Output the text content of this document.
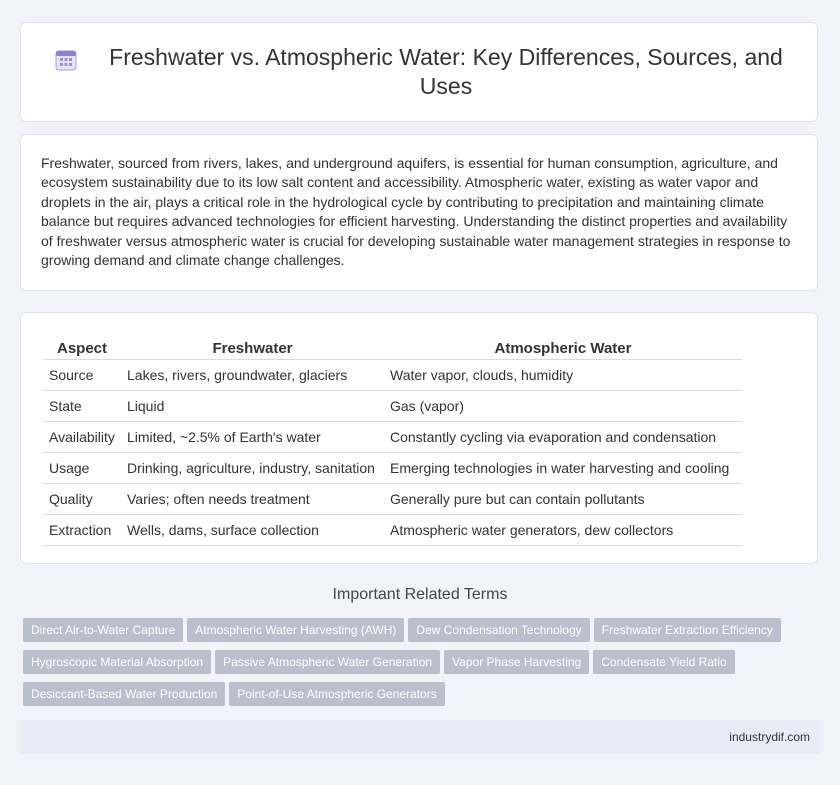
Freshwater vs. Atmospheric Water: Key Differences, Sources, and Uses

Freshwater, sourced from rivers, lakes, and underground aquifers, is essential for human consumption, agriculture, and ecosystem sustainability due to its low salt content and accessibility. Atmospheric water, existing as water vapor and droplets in the air, plays a critical role in the hydrological cycle by contributing to precipitation and maintaining climate balance but requires advanced technologies for efficient harvesting. Understanding the distinct properties and availability of freshwater versus atmospheric water is crucial for developing sustainable water management strategies in response to growing demand and climate change challenges.

Aspect	Freshwater	Atmospheric Water
Source	Lakes, rivers, groundwater, glaciers	Water vapor, clouds, humidity
State	Liquid	Gas (vapor)
Availability	Limited, ~2.5% of Earth's water	Constantly cycling via evaporation and condensation
Usage	Drinking, agriculture, industry, sanitation	Emerging technologies in water harvesting and cooling
Quality	Varies; often needs treatment	Generally pure but can contain pollutants
Extraction	Wells, dams, surface collection	Atmospheric water generators, dew collectors
Important Related Terms
Direct Air-to-Water Capture Atmospheric Water Harvesting (AWH) Dew Condensation Technology Freshwater Extraction EfficiencyHygroscopic Material Absorption Passive Atmospheric Water Generation Vapor Phase Harvesting Condensate Yield RatioDesiccant-Based Water Production Point-of-Use Atmospheric Generators
industrydif.com
